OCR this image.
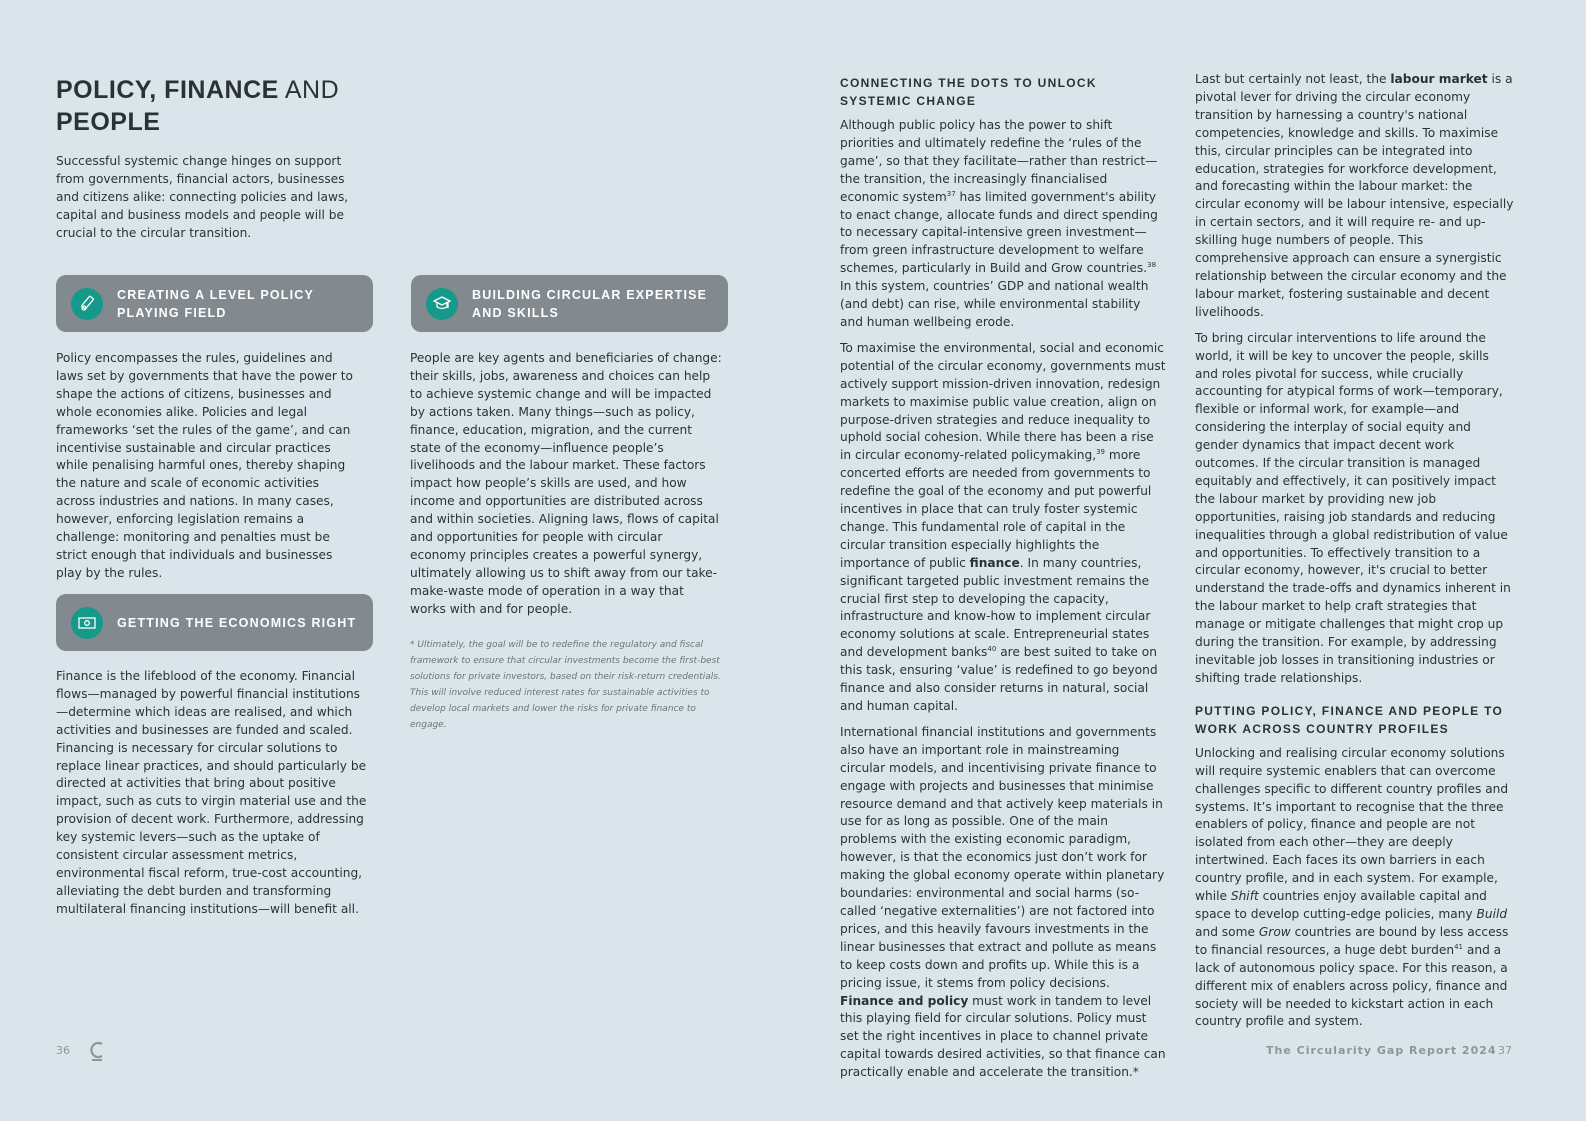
POLICY, FINANCE AND
PEOPLE

Successful systemic change hinges on support from governments, financial actors, businesses and citizens alike: connecting policies and laws, capital and business models and people will be crucial to the circular transition.

CREATING A LEVEL POLICY PLAYING FIELD

Policy encompasses the rules, guidelines and laws set by governments that have the power to shape the actions of citizens, businesses and whole economies alike. Policies and legal frameworks ‘set the rules of the game’, and can incentivise sustainable and circular practices while penalising harmful ones, thereby shaping the nature and scale of economic activities across industries and nations. In many cases, however, enforcing legislation remains a challenge: monitoring and penalties must be strict enough that individuals and businesses play by the rules.

GETTING THE ECONOMICS RIGHT

Finance is the lifeblood of the economy. Financial flows—managed by powerful financial institutions—determine which ideas are realised, and which activities and businesses are funded and scaled. Financing is necessary for circular solutions to replace linear practices, and should particularly be directed at activities that bring about positive impact, such as cuts to virgin material use and the provision of decent work. Furthermore, addressing key systemic levers—such as the uptake of consistent circular assessment metrics, environmental fiscal reform, true-cost accounting, alleviating the debt burden and transforming multilateral financing institutions—will benefit all.

BUILDING CIRCULAR EXPERTISE AND SKILLS

People are key agents and beneficiaries of change: their skills, jobs, awareness and choices can help to achieve systemic change and will be impacted by actions taken. Many things—such as policy, finance, education, migration, and the current state of the economy—influence people’s livelihoods and the labour market. These factors impact how people’s skills are used, and how income and opportunities are distributed across and within societies. Aligning laws, flows of capital and opportunities for people with circular economy principles creates a powerful synergy, ultimately allowing us to shift away from our take-make-waste mode of operation in a way that works with and for people.

* Ultimately, the goal will be to redefine the regulatory and fiscal framework to ensure that circular investments become the first-best solutions for private investors, based on their risk-return credentials. This will involve reduced interest rates for sustainable activities to develop local markets and lower the risks for private finance to engage.
CONNECTING THE DOTS TO UNLOCK SYSTEMIC CHANGE

Although public policy has the power to shift priorities and ultimately redefine the ‘rules of the game’, so that they facilitate—rather than restrict—the transition, the increasingly financialised economic system$^{37}$ has limited government's ability to enact change, allocate funds and direct spending to necessary capital-intensive green investment—from green infrastructure development to welfare schemes, particularly in Build and Grow countries.$^{38}$ In this system, countries’ GDP and national wealth (and debt) can rise, while environmental stability and human wellbeing erode.

To maximise the environmental, social and economic potential of the circular economy, governments must actively support mission-driven innovation, redesign markets to maximise public value creation, align on purpose-driven strategies and reduce inequality to uphold social cohesion. While there has been a rise in circular economy-related policymaking,$^{39}$ more concerted efforts are needed from governments to redefine the goal of the economy and put powerful incentives in place that can truly foster systemic change. This fundamental role of capital in the circular transition especially highlights the importance of public finance. In many countries, significant targeted public investment remains the crucial first step to developing the capacity, infrastructure and know-how to implement circular economy solutions at scale. Entrepreneurial states and development banks$^{40}$ are best suited to take on this task, ensuring ‘value’ is redefined to go beyond finance and also consider returns in natural, social and human capital.

International financial institutions and governments also have an important role in mainstreaming circular models, and incentivising private finance to engage with projects and businesses that minimise resource demand and that actively keep materials in use for as long as possible. One of the main problems with the existing economic paradigm, however, is that the economics just don’t work for making the global economy operate within planetary boundaries: environmental and social harms (so-called ‘negative externalities’) are not factored into prices, and this heavily favours investments in the linear businesses that extract and pollute as means to keep costs down and profits up. While this is a pricing issue, it stems from policy decisions. Finance and policy must work in tandem to level this playing field for circular solutions. Policy must set the right incentives in place to channel private capital towards desired activities, so that finance can practically enable and accelerate the transition.*

Last but certainly not least, the labour market is a pivotal lever for driving the circular economy transition by harnessing a country's national competencies, knowledge and skills. To maximise this, circular principles can be integrated into education, strategies for workforce development, and forecasting within the labour market: the circular economy will be labour intensive, especially in certain sectors, and it will require re- and up-skilling huge numbers of people. This comprehensive approach can ensure a synergistic relationship between the circular economy and the labour market, fostering sustainable and decent livelihoods.

To bring circular interventions to life around the world, it will be key to uncover the people, skills and roles pivotal for success, while crucially accounting for atypical forms of work—temporary, flexible or informal work, for example—and considering the interplay of social equity and gender dynamics that impact decent work outcomes. If the circular transition is managed equitably and effectively, it can positively impact the labour market by providing new job opportunities, raising job standards and reducing inequalities through a global redistribution of value and opportunities. To effectively transition to a circular economy, however, it's crucial to better understand the trade-offs and dynamics inherent in the labour market to help craft strategies that manage or mitigate challenges that might crop up during the transition. For example, by addressing inevitable job losses in transitioning industries or shifting trade relationships.

PUTTING POLICY, FINANCE AND PEOPLE TO WORK ACROSS COUNTRY PROFILES

Unlocking and realising circular economy solutions will require systemic enablers that can overcome challenges specific to different country profiles and systems. It’s important to recognise that the three enablers of policy, finance and people are not isolated from each other—they are deeply intertwined. Each faces its own barriers in each country profile, and in each system. For example, while Shift countries enjoy available capital and space to develop cutting-edge policies, many Build and some Grow countries are bound by less access to financial resources, a huge debt burden$^{41}$ and a lack of autonomous policy space. For this reason, a different mix of enablers across policy, finance and society will be needed to kickstart action in each country profile and system.

36	The Circularity Gap Report 2024 37
